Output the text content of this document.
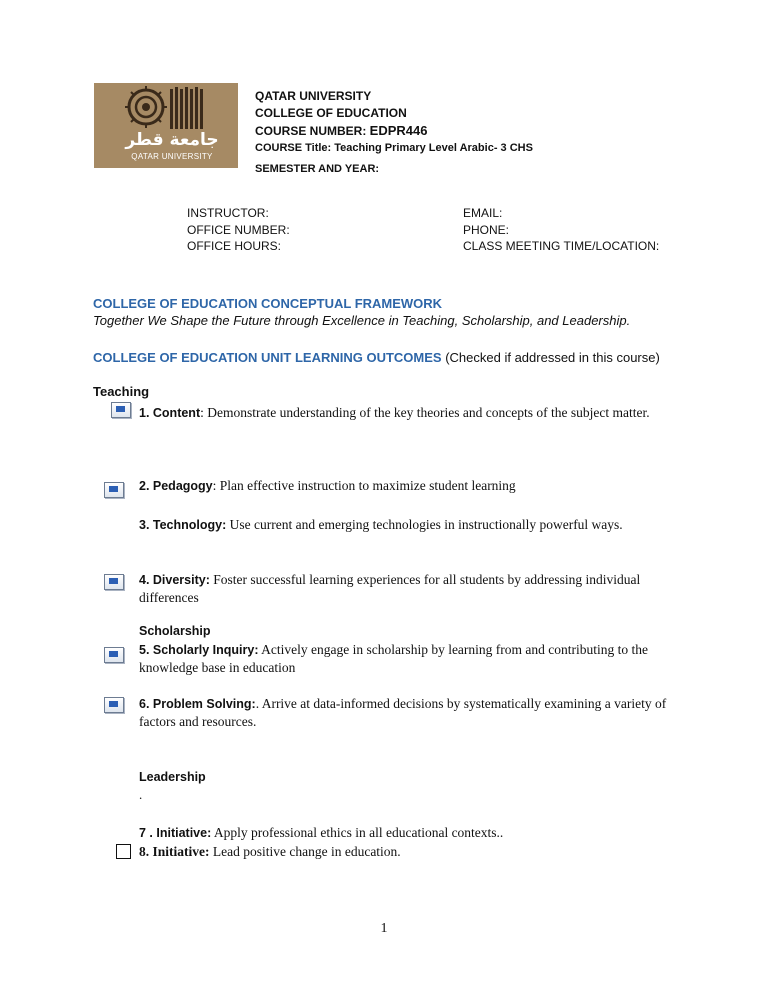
جامعة قطر
QATAR UNIVERSITY
QATAR UNIVERSITY
COLLEGE OF EDUCATION
COURSE NUMBER: EDPR446
COURSE Title: Teaching Primary Level Arabic- 3 CHS
SEMESTER AND YEAR:
INSTRUCTOR:
OFFICE NUMBER:
OFFICE HOURS:
EMAIL:
PHONE:
CLASS MEETING TIME/LOCATION:
COLLEGE OF EDUCATION CONCEPTUAL FRAMEWORK
Together We Shape the Future through Excellence in Teaching, Scholarship, and Leadership.
COLLEGE OF EDUCATION UNIT LEARNING OUTCOMES (Checked if addressed in this course)
Teaching
1. Content: Demonstrate understanding of the key theories and concepts of the subject matter.
2. Pedagogy: Plan effective instruction to maximize student learning
3. Technology: Use current and emerging technologies in instructionally powerful ways.
4. Diversity: Foster successful learning experiences for all students by addressing individual differences
Scholarship
5. Scholarly Inquiry: Actively engage in scholarship by learning from and contributing to the knowledge base in education
6. Problem Solving:. Arrive at data-informed decisions by systematically examining a variety of factors and resources.
Leadership
.
7 . Initiative: Apply professional ethics in all educational contexts..
8. Initiative: Lead positive change in education.
1
